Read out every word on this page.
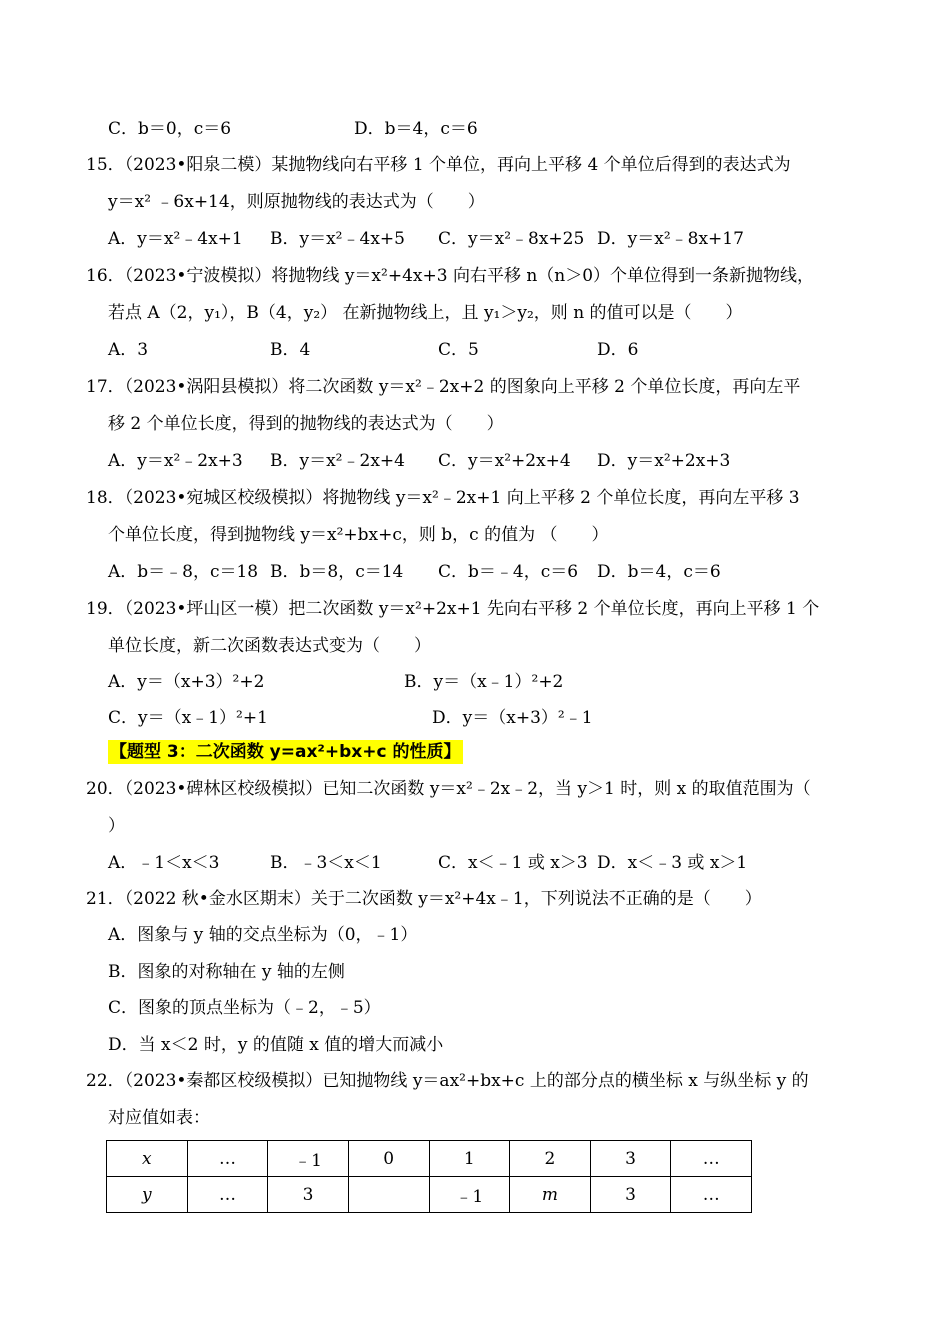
C．b＝0，c＝6	D．b＝4，c＝6
15．（2023•阳泉二模）某抛物线向右平移 1 个单位，再向上平移 4 个单位后得到的表达式为
y＝x² ﹣6x+14，则原抛物线的表达式为（　　）
A．y＝x²﹣4x+1 B．y＝x²﹣4x+5 C．y＝x²﹣8x+25 D．y＝x²﹣8x+17
16．（2023•宁波模拟）将抛物线 y＝x²+4x+3 向右平移 n（n＞0）个单位得到一条新抛物线，
若点 A（2，y₁），B（4，y₂） 在新抛物线上，且 y₁＞y₂，则 n 的值可以是（　　）
A．3	B．4	C．5	D．6
17．（2023•涡阳县模拟）将二次函数 y＝x²﹣2x+2 的图象向上平移 2 个单位长度，再向左平
移 2 个单位长度，得到的抛物线的表达式为（　　）
A．y＝x²﹣2x+3 B．y＝x²﹣2x+4 C．y＝x²+2x+4 D．y＝x²+2x+3
18．（2023•宛城区校级模拟）将抛物线 y＝x²﹣2x+1 向上平移 2 个单位长度，再向左平移 3
个单位长度，得到抛物线 y＝x²+bx+c，则 b，c 的值为 （　　）
A．b＝﹣8，c＝18 B．b＝8，c＝14 C．b＝﹣4，c＝6 D．b＝4，c＝6
19．（2023•坪山区一模）把二次函数 y＝x²+2x+1 先向右平移 2 个单位长度，再向上平移 1 个
单位长度，新二次函数表达式变为（　　）
A．y＝（x+3）²+2	B．y＝（x﹣1）²+2
C．y＝（x﹣1）²+1	D．y＝（x+3）²﹣1
【题型 3：二次函数 y=ax²+bx+c 的性质】
20．（2023•碑林区校级模拟）已知二次函数 y＝x²﹣2x﹣2，当 y＞1 时，则 x 的取值范围为（
）
A．﹣1＜x＜3	B．﹣3＜x＜1	C．x＜﹣1 或 x＞3 D．x＜﹣3 或 x＞1
21．（2022 秋•金水区期末）关于二次函数 y＝x²+4x﹣1，下列说法不正确的是（　　）
A．图象与 y 轴的交点坐标为（0，﹣1）
B．图象的对称轴在 y 轴的左侧
C．图象的顶点坐标为（﹣2，﹣5）
D．当 x＜2 时，y 的值随 x 值的增大而减小
22．（2023•秦都区校级模拟）已知抛物线 y＝ax²+bx+c 上的部分点的横坐标 x 与纵坐标 y 的
对应值如表：
x	…	﹣1	0	1	2	3	…
y	…	3		﹣1	m	3	…
